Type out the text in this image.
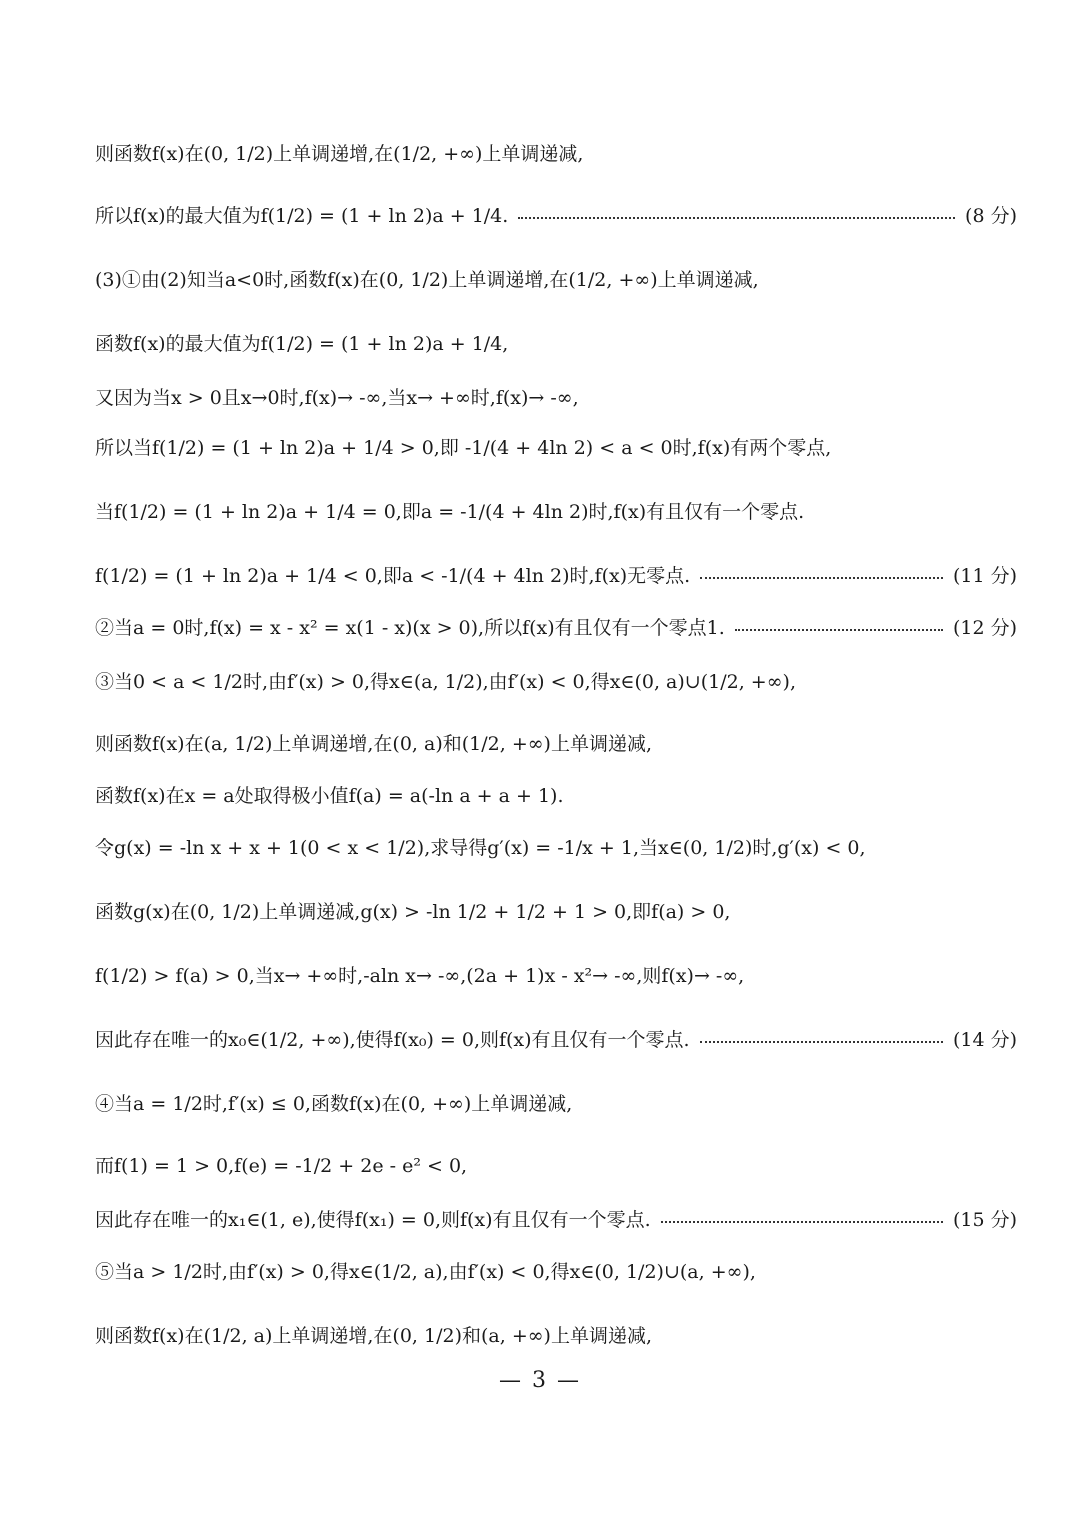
则函数f(x)在(0, 1/2)上单调递增,在(1/2, +∞)上单调递减,
所以f(x)的最大值为f(1/2) = (1 + ln 2)a + 1/4.	(8 分)
(3)①由(2)知当a<0时,函数f(x)在(0, 1/2)上单调递增,在(1/2, +∞)上单调递减,
函数f(x)的最大值为f(1/2) = (1 + ln 2)a + 1/4,
又因为当x > 0且x→0时,f(x)→ -∞,当x→ +∞时,f(x)→ -∞,
所以当f(1/2) = (1 + ln 2)a + 1/4 > 0,即 -1/(4 + 4ln 2) < a < 0时,f(x)有两个零点,
当f(1/2) = (1 + ln 2)a + 1/4 = 0,即a = -1/(4 + 4ln 2)时,f(x)有且仅有一个零点.
f(1/2) = (1 + ln 2)a + 1/4 < 0,即a < -1/(4 + 4ln 2)时,f(x)无零点.	(11 分)
②当a = 0时,f(x) = x - x² = x(1 - x)(x > 0),所以f(x)有且仅有一个零点1.	(12 分)
③当0 < a < 1/2时,由f′(x) > 0,得x∈(a, 1/2),由f′(x) < 0,得x∈(0, a)∪(1/2, +∞),
则函数f(x)在(a, 1/2)上单调递增,在(0, a)和(1/2, +∞)上单调递减,
函数f(x)在x = a处取得极小值f(a) = a(-ln a + a + 1).
令g(x) = -ln x + x + 1(0 < x < 1/2),求导得g′(x) = -1/x + 1,当x∈(0, 1/2)时,g′(x) < 0,
函数g(x)在(0, 1/2)上单调递减,g(x) > -ln 1/2 + 1/2 + 1 > 0,即f(a) > 0,
f(1/2) > f(a) > 0,当x→ +∞时,-aln x→ -∞,(2a + 1)x - x²→ -∞,则f(x)→ -∞,
因此存在唯一的x₀∈(1/2, +∞),使得f(x₀) = 0,则f(x)有且仅有一个零点.	(14 分)
④当a = 1/2时,f′(x) ≤ 0,函数f(x)在(0, +∞)上单调递减,
而f(1) = 1 > 0,f(e) = -1/2 + 2e - e² < 0,
因此存在唯一的x₁∈(1, e),使得f(x₁) = 0,则f(x)有且仅有一个零点.	(15 分)
⑤当a > 1/2时,由f′(x) > 0,得x∈(1/2, a),由f′(x) < 0,得x∈(0, 1/2)∪(a, +∞),
则函数f(x)在(1/2, a)上单调递增,在(0, 1/2)和(a, +∞)上单调递减,
— 3 —
